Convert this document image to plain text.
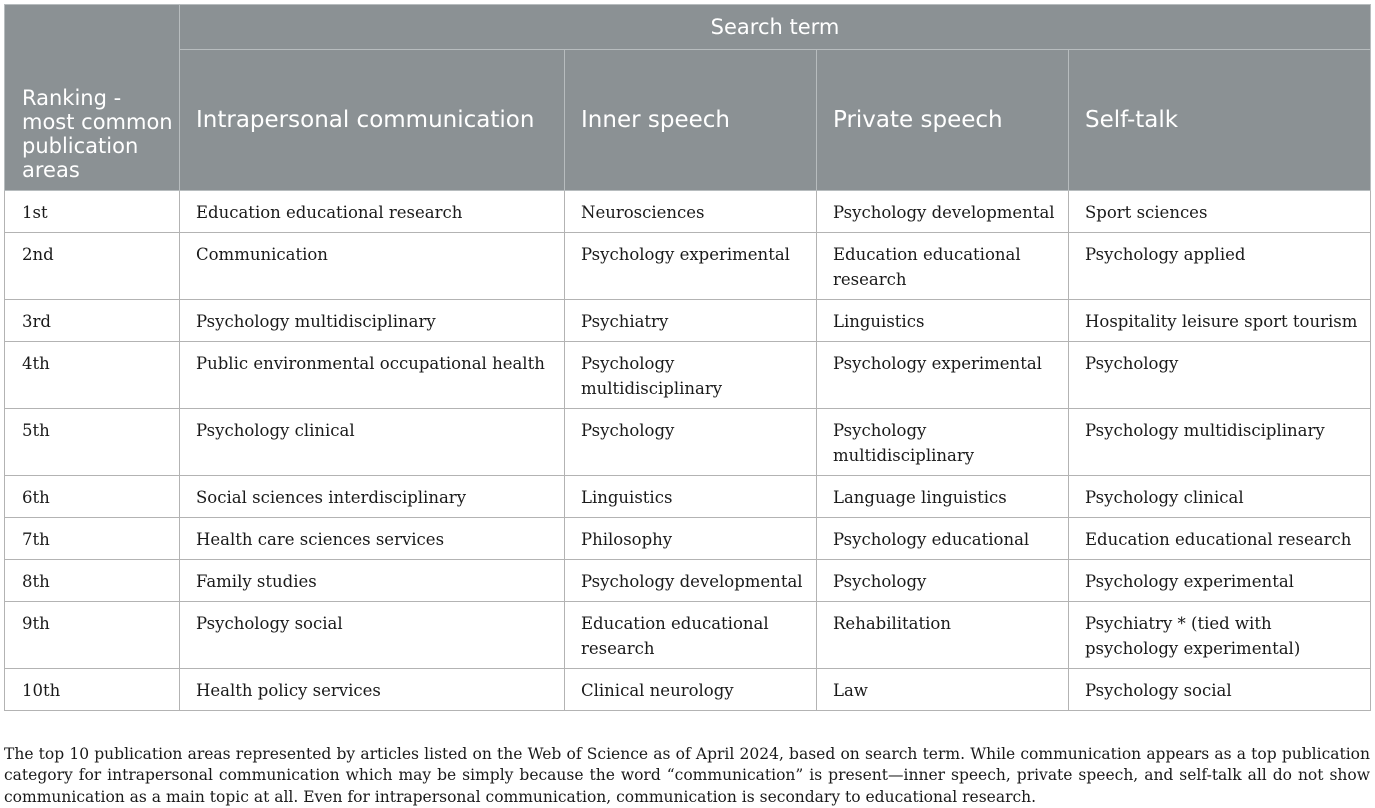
Ranking - most common publication areas	Search term			
	Intrapersonal communication	Inner speech	Private speech	Self-talk
1st	Education educational research	Neurosciences	Psychology developmental	Sport sciences
2nd	Communication	Psychology experimental	Education educational research	Psychology applied
3rd	Psychology multidisciplinary	Psychiatry	Linguistics	Hospitality leisure sport tourism
4th	Public environmental occupational health	Psychology multidisciplinary	Psychology experimental	Psychology
5th	Psychology clinical	Psychology	Psychology multidisciplinary	Psychology multidisciplinary
6th	Social sciences interdisciplinary	Linguistics	Language linguistics	Psychology clinical
7th	Health care sciences services	Philosophy	Psychology educational	Education educational research
8th	Family studies	Psychology developmental	Psychology	Psychology experimental
9th	Psychology social	Education educational research	Rehabilitation	Psychiatry * (tied with psychology experimental)
10th	Health policy services	Clinical neurology	Law	Psychology social

The top 10 publication areas represented by articles listed on the Web of Science as of April 2024, based on search term. While communication appears as a top publication category for intrapersonal communication which may be simply because the word “communication” is present—inner speech, private speech, and self-talk all do not show communication as a main topic at all. Even for intrapersonal communication, communication is secondary to educational research.
